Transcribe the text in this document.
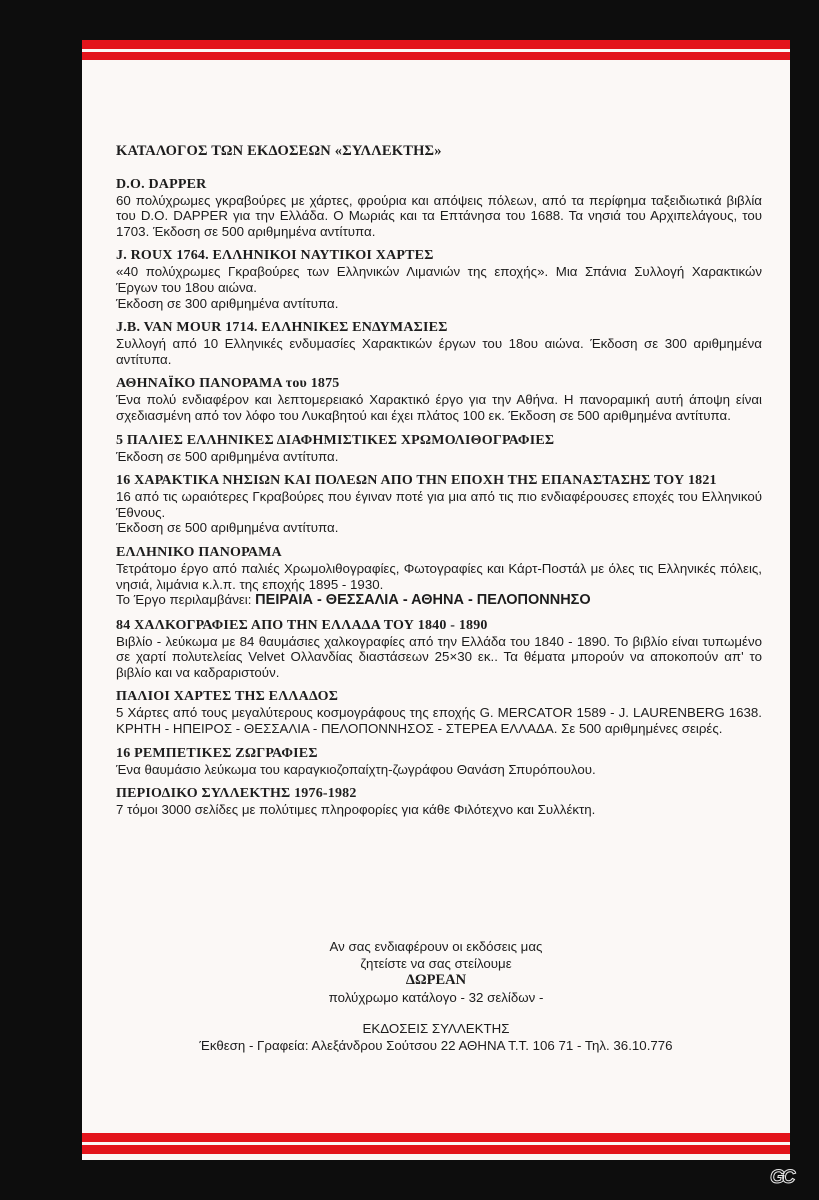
ΚΑΤΑΛΟΓΟΣ ΤΩΝ ΕΚΔΟΣΕΩΝ «ΣΥΛΛΕΚΤΗΣ»
D.O. DAPPER

60 πολύχρωμες γκραβούρες με χάρτες, φρούρια και απόψεις πόλεων, από τα περίφημα ταξειδιωτικά βιβλία του D.O. DAPPER για την Ελλάδα. Ο Μωριάς και τα Επτάνησα του 1688. Τα νησιά του Αρχιπελάγους, του 1703. Έκδοση σε 500 αριθμημένα αντίτυπα.

J. ROUX 1764. ΕΛΛΗΝΙΚΟΙ ΝΑΥΤΙΚΟΙ ΧΑΡΤΕΣ

«40 πολύχρωμες Γκραβούρες των Ελληνικών Λιμανιών της εποχής». Μια Σπάνια Συλλογή Χαρακτικών Έργων του 18ου αιώνα.

Έκδοση σε 300 αριθμημένα αντίτυπα.

J.B. VAN MOUR 1714. ΕΛΛΗΝΙΚΕΣ ΕΝΔΥΜΑΣΙΕΣ

Συλλογή από 10 Ελληνικές ενδυμασίες Χαρακτικών έργων του 18ου αιώνα. Έκδοση σε 300 αριθμημένα αντίτυπα.

ΑΘΗΝΑΪΚΟ ΠΑΝΟΡΑΜΑ του 1875

Ένα πολύ ενδιαφέρον και λεπτομερειακό Χαρακτικό έργο για την Αθήνα. Η πανοραμική αυτή άποψη είναι σχεδιασμένη από τον λόφο του Λυκαβητού και έχει πλάτος 100 εκ. Έκδοση σε 500 αριθμημένα αντίτυπα.

5 ΠΑΛΙΕΣ ΕΛΛΗΝΙΚΕΣ ΔΙΑΦΗΜΙΣΤΙΚΕΣ ΧΡΩΜΟΛΙΘΟΓΡΑΦΙΕΣ

Έκδοση σε 500 αριθμημένα αντίτυπα.

16 ΧΑΡΑΚΤΙΚΑ ΝΗΣΙΩΝ ΚΑΙ ΠΟΛΕΩΝ ΑΠΟ ΤΗΝ ΕΠΟΧΗ ΤΗΣ ΕΠΑΝΑΣΤΑΣΗΣ ΤΟΥ 1821

16 από τις ωραιότερες Γκραβούρες που έγιναν ποτέ για μια από τις πιο ενδιαφέρουσες εποχές του Ελληνικού Έθνους.

Έκδοση σε 500 αριθμημένα αντίτυπα.

ΕΛΛΗΝΙΚΟ ΠΑΝΟΡΑΜΑ

Τετράτομο έργο από παλιές Χρωμολιθογραφίες, Φωτογραφίες και Κάρτ-Ποστάλ με όλες τις Ελληνικές πόλεις, νησιά, λιμάνια κ.λ.π. της εποχής 1895 - 1930.

Το Έργο περιλαμβάνει: ΠΕΙΡΑΙΑ - ΘΕΣΣΑΛΙΑ - ΑΘΗΝΑ - ΠΕΛΟΠΟΝΝΗΣΟ

84 ΧΑΛΚΟΓΡΑΦΙΕΣ ΑΠΟ ΤΗΝ ΕΛΛΑΔΑ ΤΟΥ 1840 - 1890

Βιβλίο - λεύκωμα με 84 θαυμάσιες χαλκογραφίες από την Ελλάδα του 1840 - 1890. Το βιβλίο είναι τυπωμένο σε χαρτί πολυτελείας Velvet Ολλανδίας διαστάσεων 25×30 εκ.. Τα θέματα μπορούν να αποκοπούν απ' το βιβλίο και να καδραριστούν.

ΠΑΛΙΟΙ ΧΑΡΤΕΣ ΤΗΣ ΕΛΛΑΔΟΣ

5 Χάρτες από τους μεγαλύτερους κοσμογράφους της εποχής G. MERCATOR 1589 - J. LAURENBERG 1638. ΚΡΗΤΗ - ΗΠΕΙΡΟΣ - ΘΕΣΣΑΛΙΑ - ΠΕΛΟΠΟΝΝΗΣΟΣ - ΣΤΕΡΕΑ ΕΛΛΑΔΑ. Σε 500 αριθμημένες σειρές.

16 ΡΕΜΠΕΤΙΚΕΣ ΖΩΓΡΑΦΙΕΣ

Ένα θαυμάσιο λεύκωμα του καραγκιοζοπαίχτη-ζωγράφου Θανάση Σπυρόπουλου.

ΠΕΡΙΟΔΙΚΟ ΣΥΛΛΕΚΤΗΣ 1976-1982

7 τόμοι 3000 σελίδες με πολύτιμες πληροφορίες για κάθε Φιλότεχνο και Συλλέκτη.

Αν σας ενδιαφέρουν οι εκδόσεις μας
ζητείστε να σας στείλουμε
ΔΩΡΕΑΝ
πολύχρωμο κατάλογο - 32 σελίδων -
ΕΚΔΟΣΕΙΣ ΣΥΛΛΕΚΤΗΣ
Έκθεση - Γραφεία: Αλεξάνδρου Σούτσου 22 ΑΘΗΝΑ Τ.Τ. 106 71 - Τηλ. 36.10.776
GC
